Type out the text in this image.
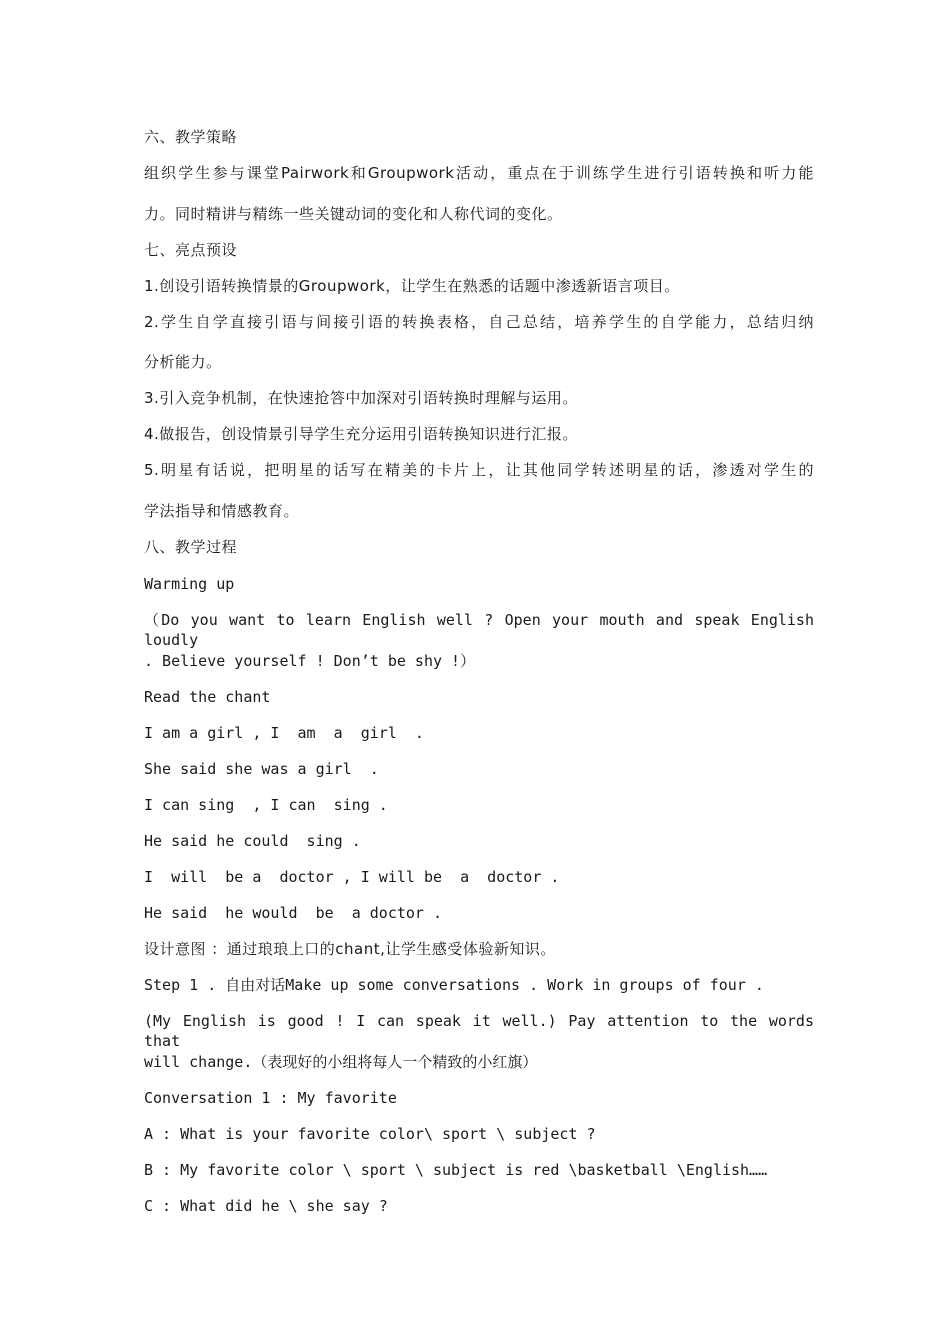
六、教学策略
组织学生参与课堂Pairwork和Groupwork活动，重点在于训练学生进行引语转换和听力能
力。同时精讲与精练一些关键动词的变化和人称代词的变化。
七、亮点预设
1.创设引语转换情景的Groupwork，让学生在熟悉的话题中渗透新语言项目。
2.学生自学直接引语与间接引语的转换表格，自己总结，培养学生的自学能力，总结归纳
分析能力。
3.引入竞争机制，在快速抢答中加深对引语转换时理解与运用。
4.做报告，创设情景引导学生充分运用引语转换知识进行汇报。
5.明星有话说，把明星的话写在精美的卡片上，让其他同学转述明星的话，渗透对学生的
学法指导和情感教育。
八、教学过程
Warming up
（Do you want to learn English well ? Open your mouth and speak English loudly
. Believe yourself ! Don’t be shy !）
Read the chant
I am a girl , I  am  a  girl  .
She said she was a girl  .
I can sing  , I can  sing .
He said he could  sing .
I  will  be a  doctor , I will be  a  doctor .
He said  he would  be  a doctor .
设计意图 ：通过琅琅上口的chant,让学生感受体验新知识。
Step 1 . 自由对话Make up some conversations . Work in groups of four .
(My English is good ! I can speak it well.) Pay attention to the words that
will change.（表现好的小组将每人一个精致的小红旗）
Conversation 1 : My favorite
A : What is your favorite color\ sport \ subject ?
B : My favorite color \ sport \ subject is red \basketball \English……
C : What did he \ she say ?
